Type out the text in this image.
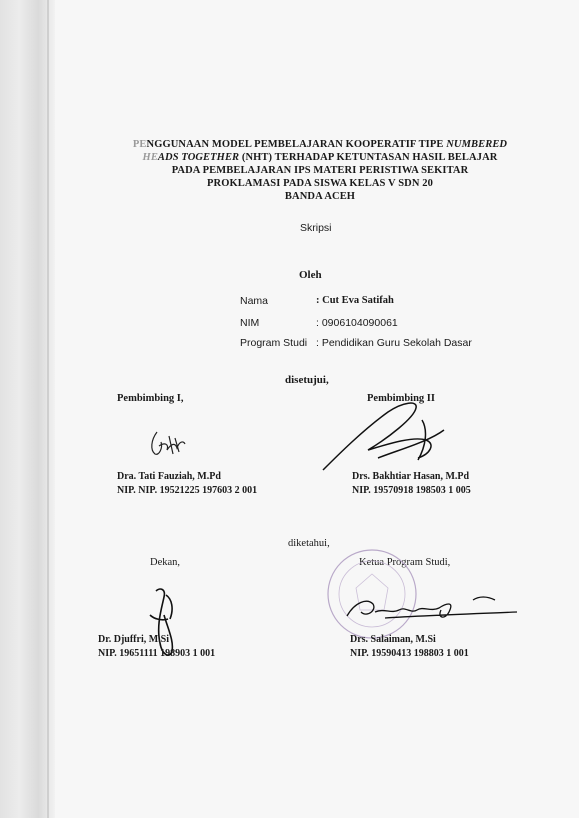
PENGGUNAAN MODEL PEMBELAJARAN KOOPERATIF TIPE NUMBERED
HEADS TOGETHER (NHT) TERHADAP KETUNTASAN HASIL BELAJAR
PADA PEMBELAJARAN IPS MATERI PERISTIWA SEKITAR
PROKLAMASI PADA SISWA KELAS V SDN 20
BANDA ACEH
Skripsi
Oleh
Nama	: Cut Eva Satifah
NIM	: 0906104090061
Program Studi : Pendidikan Guru Sekolah Dasar
disetujui,
Pembimbing I,	Pembimbing II
Dra. Tati Fauziah, M.Pd
NIP. NIP. 19521225 197603 2 001
Drs. Bakhtiar Hasan, M.Pd
NIP. 19570918 198503 1 005
diketahui,
Dekan,	Ketua Program Studi,
Dr. Djuffri, M.Si
NIP. 19651111 198903 1 001
Drs. Salaiman, M.Si
NIP. 19590413 198803 1 001
